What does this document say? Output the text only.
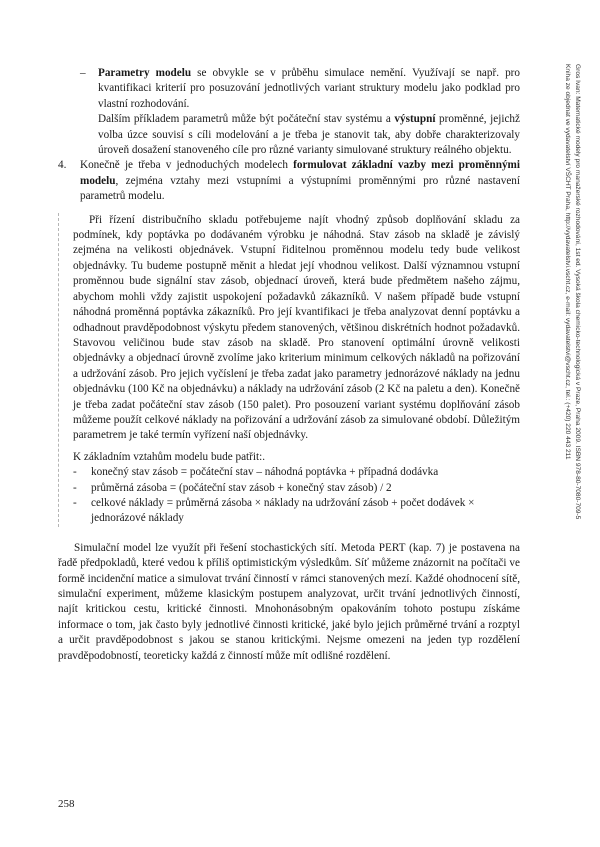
–	Parametry modelu se obvykle se v průběhu simulace nemění. Využívají se např. pro kvantifikaci kriterií pro posuzování jednotlivých variant struktury modelu jako podklad pro vlastní rozhodování.

Dalším příkladem parametrů může být počáteční stav systému a výstupní proměnné, jejichž volba úzce souvisí s cíli modelování a je třeba je stanovit tak, aby dobře charakterizovaly úroveň dosažení stanoveného cíle pro různé varianty simulované struktury reálného objektu.

4.	Konečně je třeba v jednoduchých modelech formulovat základní vazby mezi proměnnými modelu, zejména vztahy mezi vstupními a výstupními proměnnými pro různé nastavení parametrů modelu.

Při řízení distribučního skladu potřebujeme najít vhodný způsob doplňování skladu za podmínek, kdy poptávka po dodávaném výrobku je náhodná. Stav zásob na skladě je závislý zejména na velikosti objednávek. Vstupní řiditelnou proměnnou modelu tedy bude velikost objednávky. Tu budeme postupně měnit a hledat její vhodnou velikost. Další významnou vstupní proměnnou bude signální stav zásob, objednací úroveň, která bude předmětem našeho zájmu, abychom mohli vždy zajistit uspokojení požadavků zákazníků. V našem případě bude vstupní náhodná proměnná poptávka zákazníků. Pro její kvantifikaci je třeba analyzovat denní poptávku a odhadnout pravděpodobnost výskytu předem stanovených, většinou diskrétních hodnot požadavků. Stavovou veličinou bude stav zásob na skladě. Pro stanovení optimální úrovně velikosti objednávky a objednací úrovně zvolíme jako kriterium minimum celkových nákladů na pořizování a udržování zásob. Pro jejich vyčíslení je třeba zadat jako parametry jednorázové náklady na jednu objednávku (100 Kč na objednávku) a náklady na udržování zásob (2 Kč na paletu a den). Konečně je třeba zadat počáteční stav zásob (150 palet). Pro posouzení variant systému doplňování zásob můžeme použít celkové náklady na pořizování a udržování zásob za simulované období. Důležitým parametrem je také termín vyřízení naší objednávky.

K základním vztahům modelu bude patřit:.

-	konečný stav zásob = počáteční stav – náhodná poptávka + případná dodávka
-	průměrná zásoba = (počáteční stav zásob + konečný stav zásob) / 2
-	celkové náklady = průměrná zásoba × náklady na udržování zásob + počet dodávek × jednorázové náklady

Simulační model lze využít při řešení stochastických sítí. Metoda PERT (kap. 7) je postavena na řadě předpokladů, které vedou k příliš optimistickým výsledkům. Síť můžeme znázornit na počítači ve formě incidenční matice a simulovat trvání činností v rámci stanovených mezí. Každé ohodnocení sítě, simulační experiment, můžeme klasickým postupem analyzovat, určit trvání jednotlivých činností, najít kritickou cestu, kritické činnosti. Mnohonásobným opakováním tohoto postupu získáme informace o tom, jak často byly jednotlivé činnosti kritické, jaké bylo jejich průměrné trvání a rozptyl a určit pravděpodobnost s jakou se stanou kritickými. Nejsme omezeni na jeden typ rozdělení pravděpodobností, teoreticky každá z činností může mít odlišné rozdělení.

258
Gros Ivan: Matematické modely pro manažerské rozhodování, 1st ed. Vysoká škola chemicko-technologická v Praze, Praha 2009. ISBN 978-80-7080-709-5
Kniha ze objednat ve vydavatelství VŠCHT Praha, http://vydavatelstvi.vscht.cz, e-mail: vydavatelstvi@vscht.cz, tel.: (+420) 220 443 211
